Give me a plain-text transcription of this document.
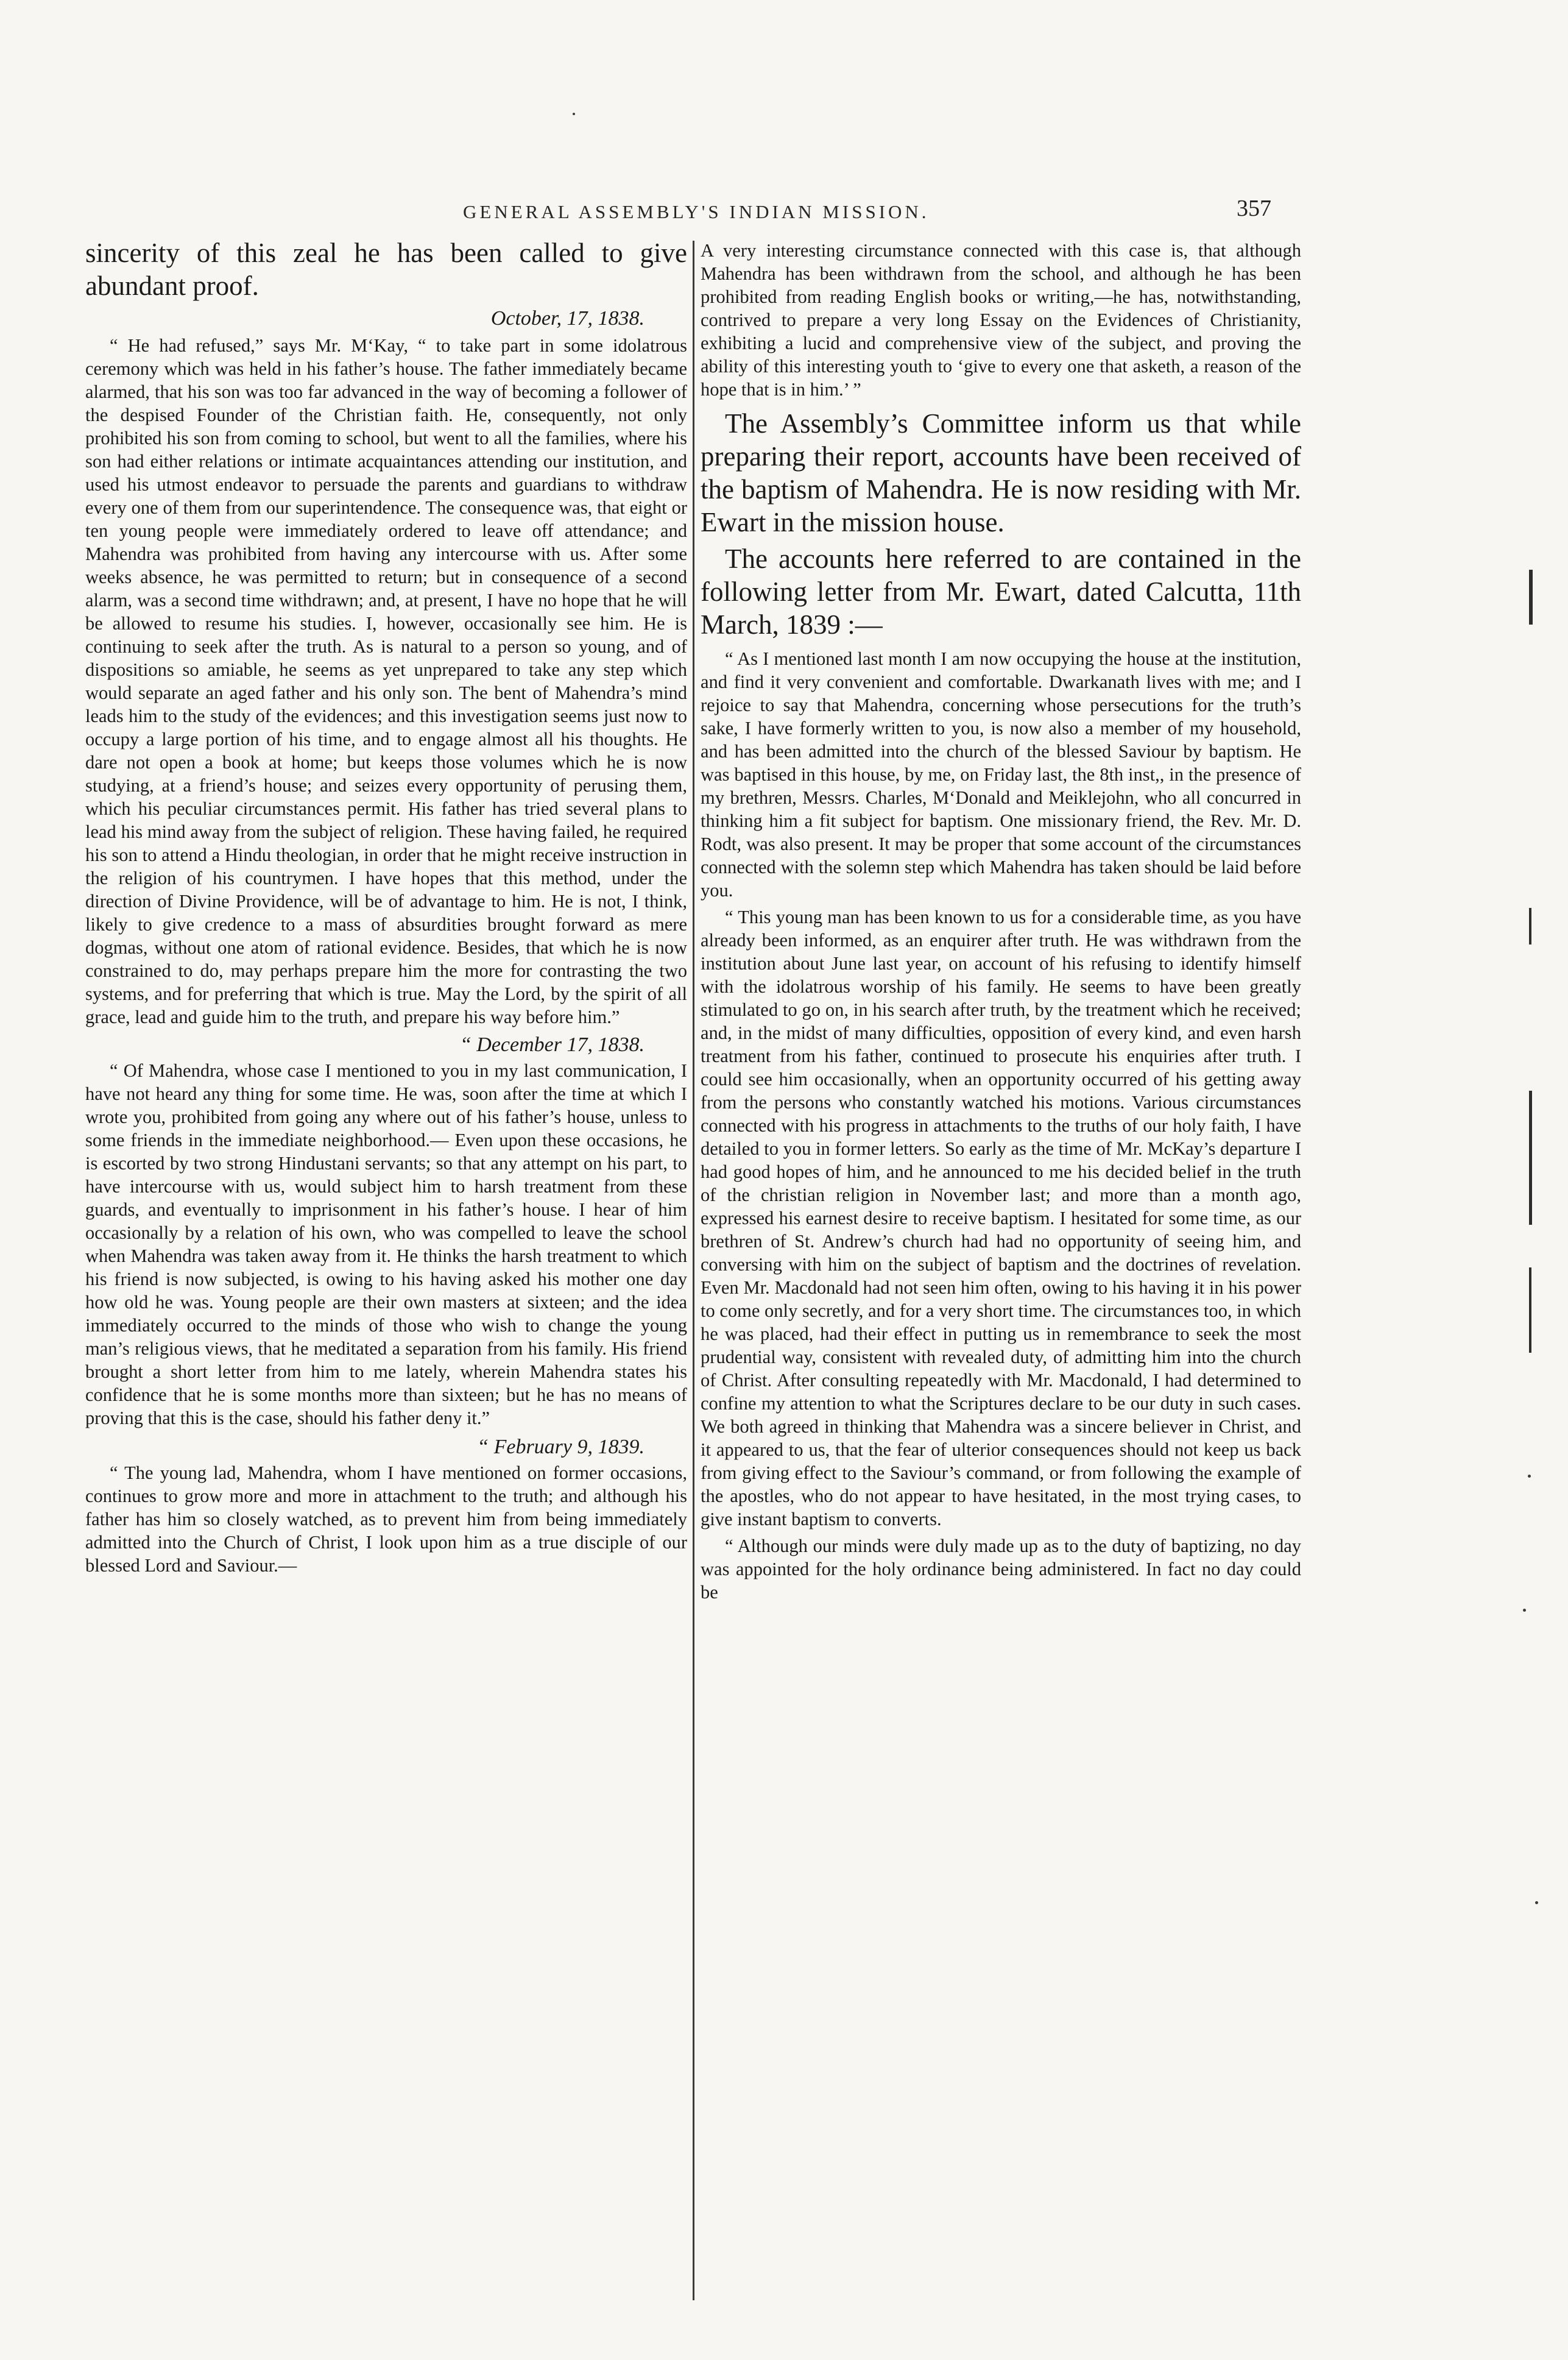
GENERAL ASSEMBLY'S INDIAN MISSION.	357

sincerity of this zeal he has been called to give abundant proof.

October, 17, 1838.

“ He had refused,” says Mr. M‘Kay, “ to take part in some idolatrous ceremony which was held in his father’s house. The father immediately became alarmed, that his son was too far advanced in the way of becoming a follower of the despised Founder of the Christian faith. He, consequently, not only prohibited his son from coming to school, but went to all the families, where his son had either relations or intimate acquaintances attending our institution, and used his utmost endeavor to persuade the parents and guardians to withdraw every one of them from our superintendence. The consequence was, that eight or ten young people were immediately ordered to leave off attendance; and Mahendra was prohibited from having any intercourse with us. After some weeks absence, he was permitted to return; but in consequence of a second alarm, was a second time withdrawn; and, at present, I have no hope that he will be allowed to resume his studies. I, however, occasionally see him. He is continuing to seek after the truth. As is natural to a person so young, and of dispositions so amiable, he seems as yet unprepared to take any step which would separate an aged father and his only son. The bent of Mahendra’s mind leads him to the study of the evidences; and this investigation seems just now to occupy a large portion of his time, and to engage almost all his thoughts. He dare not open a book at home; but keeps those volumes which he is now studying, at a friend’s house; and seizes every opportunity of perusing them, which his peculiar circumstances permit. His father has tried several plans to lead his mind away from the subject of religion. These having failed, he required his son to attend a Hindu theologian, in order that he might receive instruction in the religion of his countrymen. I have hopes that this method, under the direction of Divine Providence, will be of advantage to him. He is not, I think, likely to give credence to a mass of absurdities brought forward as mere dogmas, without one atom of rational evidence. Besides, that which he is now constrained to do, may perhaps prepare him the more for contrasting the two systems, and for preferring that which is true. May the Lord, by the spirit of all grace, lead and guide him to the truth, and prepare his way before him.”

“ December 17, 1838.

“ Of Mahendra, whose case I mentioned to you in my last communication, I have not heard any thing for some time. He was, soon after the time at which I wrote you, prohibited from going any where out of his father’s house, unless to some friends in the immediate neighborhood.— Even upon these occasions, he is escorted by two strong Hindustani servants; so that any attempt on his part, to have intercourse with us, would subject him to harsh treatment from these guards, and eventually to imprisonment in his father’s house. I hear of him occasionally by a relation of his own, who was compelled to leave the school when Mahendra was taken away from it. He thinks the harsh treatment to which his friend is now subjected, is owing to his having asked his mother one day how old he was. Young people are their own masters at sixteen; and the idea immediately occurred to the minds of those who wish to change the young man’s religious views, that he meditated a separation from his family. His friend brought a short letter from him to me lately, wherein Mahendra states his confidence that he is some months more than sixteen; but he has no means of proving that this is the case, should his father deny it.”

“ February 9, 1839.

“ The young lad, Mahendra, whom I have mentioned on former occasions, continues to grow more and more in attachment to the truth; and although his father has him so closely watched, as to prevent him from being immediately admitted into the Church of Christ, I look upon him as a true disciple of our blessed Lord and Saviour.—

A very interesting circumstance connected with this case is, that although Mahendra has been withdrawn from the school, and although he has been prohibited from reading English books or writing,—he has, notwithstanding, contrived to prepare a very long Essay on the Evidences of Christianity, exhibiting a lucid and comprehensive view of the subject, and proving the ability of this interesting youth to ‘give to every one that asketh, a reason of the hope that is in him.’ ”

The Assembly’s Committee inform us that while preparing their report, accounts have been received of the baptism of Mahendra. He is now residing with Mr. Ewart in the mission house.

The accounts here referred to are contained in the following letter from Mr. Ewart, dated Calcutta, 11th March, 1839 :—

“ As I mentioned last month I am now occupying the house at the institution, and find it very convenient and comfortable. Dwarkanath lives with me; and I rejoice to say that Mahendra, concerning whose persecutions for the truth’s sake, I have formerly written to you, is now also a member of my household, and has been admitted into the church of the blessed Saviour by baptism. He was baptised in this house, by me, on Friday last, the 8th inst,, in the presence of my brethren, Messrs. Charles, M‘Donald and Meiklejohn, who all concurred in thinking him a fit subject for baptism. One missionary friend, the Rev. Mr. D. Rodt, was also present. It may be proper that some account of the circumstances connected with the solemn step which Mahendra has taken should be laid before you.

“ This young man has been known to us for a considerable time, as you have already been informed, as an enquirer after truth. He was withdrawn from the institution about June last year, on account of his refusing to identify himself with the idolatrous worship of his family. He seems to have been greatly stimulated to go on, in his search after truth, by the treatment which he received; and, in the midst of many difficulties, opposition of every kind, and even harsh treatment from his father, continued to prosecute his enquiries after truth. I could see him occasionally, when an opportunity occurred of his getting away from the persons who constantly watched his motions. Various circumstances connected with his progress in attachments to the truths of our holy faith, I have detailed to you in former letters. So early as the time of Mr. McKay’s departure I had good hopes of him, and he announced to me his decided belief in the truth of the christian religion in November last; and more than a month ago, expressed his earnest desire to receive baptism. I hesitated for some time, as our brethren of St. Andrew’s church had had no opportunity of seeing him, and conversing with him on the subject of baptism and the doctrines of revelation. Even Mr. Macdonald had not seen him often, owing to his having it in his power to come only secretly, and for a very short time. The circumstances too, in which he was placed, had their effect in putting us in remembrance to seek the most prudential way, consistent with revealed duty, of admitting him into the church of Christ. After consulting repeatedly with Mr. Macdonald, I had determined to confine my attention to what the Scriptures declare to be our duty in such cases. We both agreed in thinking that Mahendra was a sincere believer in Christ, and it appeared to us, that the fear of ulterior consequences should not keep us back from giving effect to the Saviour’s command, or from following the example of the apostles, who do not appear to have hesitated, in the most trying cases, to give instant baptism to converts.

“ Although our minds were duly made up as to the duty of baptizing, no day was appointed for the holy ordinance being administered. In fact no day could be
